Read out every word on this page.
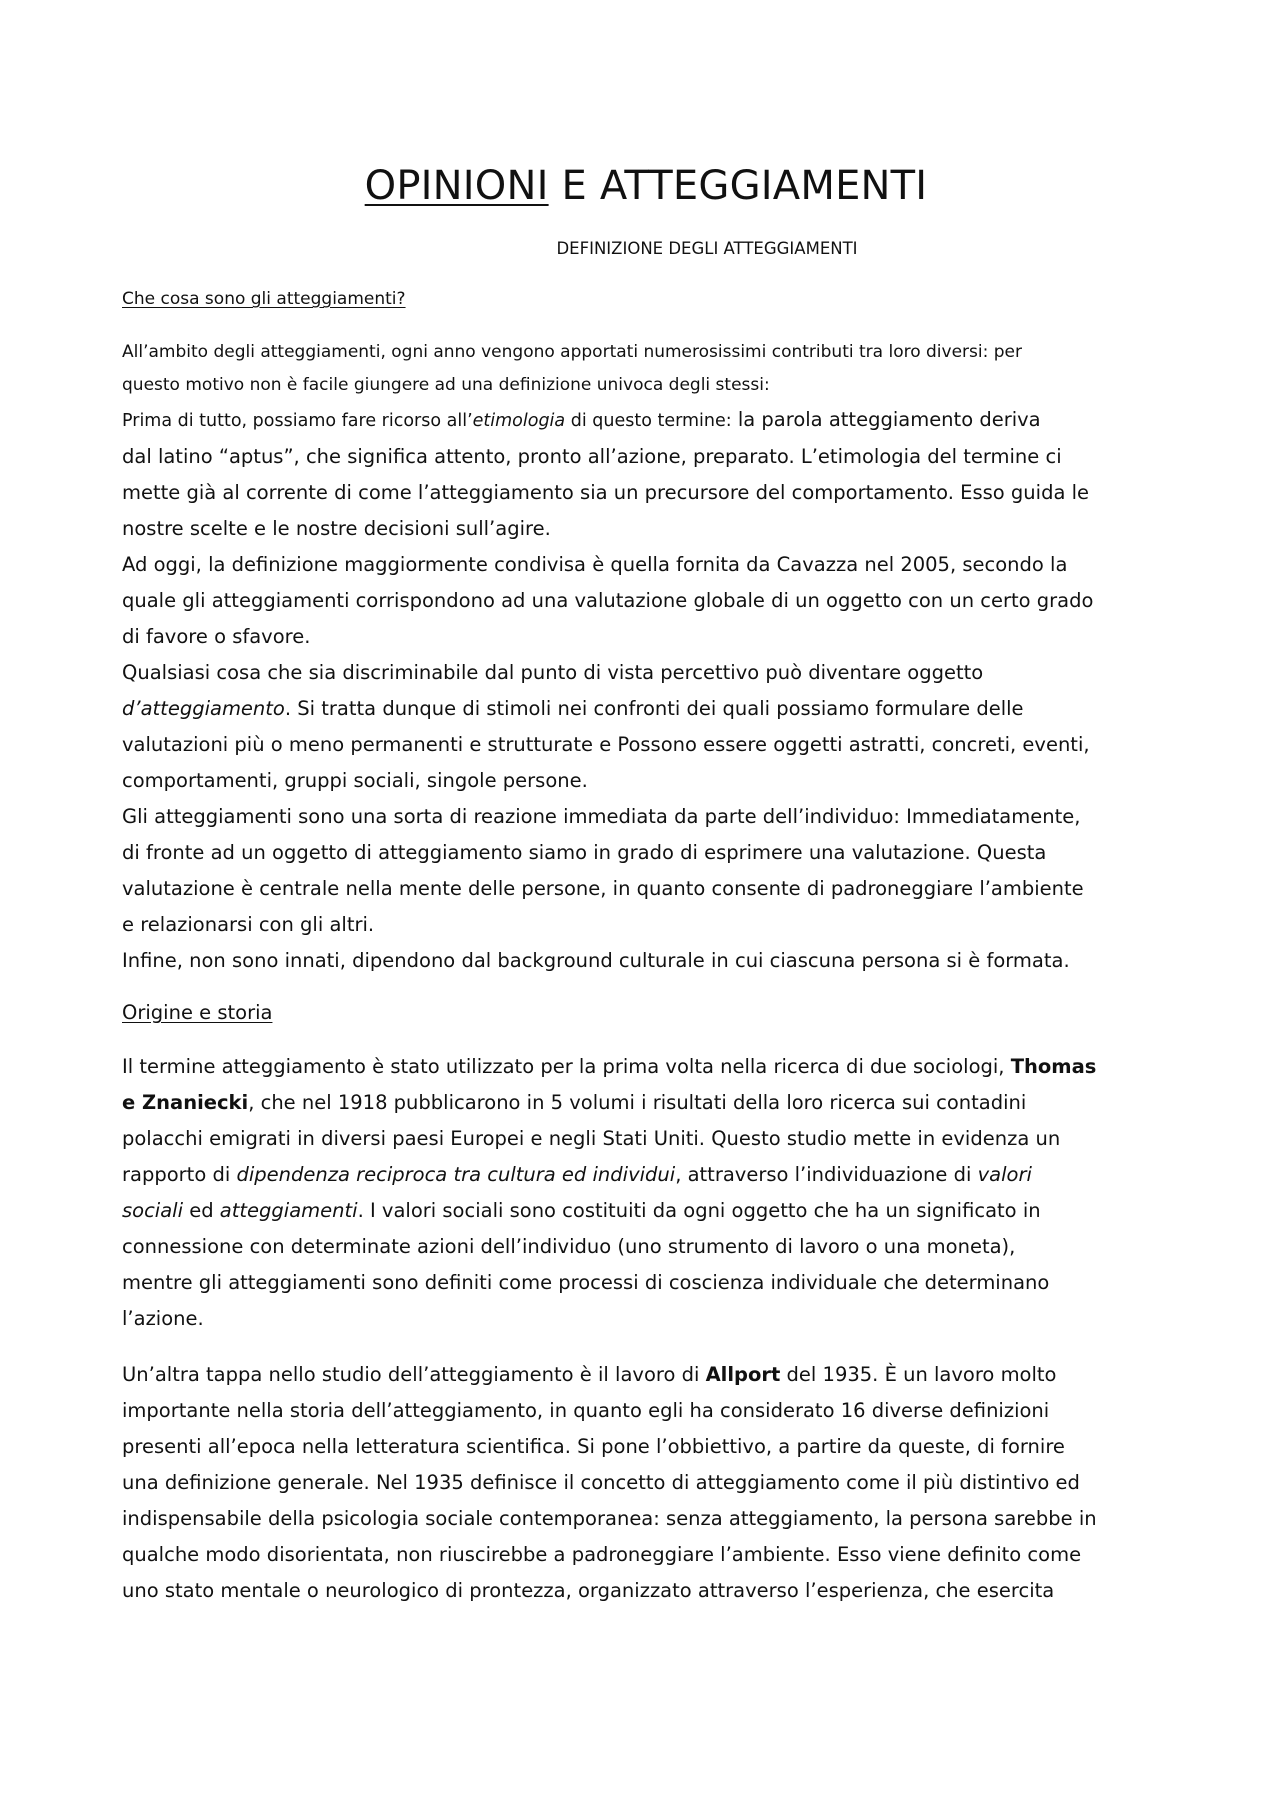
OPINIONI E ATTEGGIAMENTI

DEFINIZIONE DEGLI ATTEGGIAMENTI

Che cosa sono gli atteggiamenti?

All’ambito degli atteggiamenti, ogni anno vengono apportati numerosissimi contributi tra loro diversi: per
questo motivo non è facile giungere ad una definizione univoca degli stessi:

Prima di tutto, possiamo fare ricorso all’etimologia di questo termine: la parola atteggiamento deriva
dal latino “aptus”, che significa attento, pronto all’azione, preparato. L’etimologia del termine ci
mette già al corrente di come l’atteggiamento sia un precursore del comportamento. Esso guida le
nostre scelte e le nostre decisioni sull’agire.

Ad oggi, la definizione maggiormente condivisa è quella fornita da Cavazza nel 2005, secondo la
quale gli atteggiamenti corrispondono ad una valutazione globale di un oggetto con un certo grado
di favore o sfavore.

Qualsiasi cosa che sia discriminabile dal punto di vista percettivo può diventare oggetto
d’atteggiamento. Si tratta dunque di stimoli nei confronti dei quali possiamo formulare delle
valutazioni più o meno permanenti e strutturate e Possono essere oggetti astratti, concreti, eventi,
comportamenti, gruppi sociali, singole persone.

Gli atteggiamenti sono una sorta di reazione immediata da parte dell’individuo: Immediatamente,
di fronte ad un oggetto di atteggiamento siamo in grado di esprimere una valutazione. Questa
valutazione è centrale nella mente delle persone, in quanto consente di padroneggiare l’ambiente
e relazionarsi con gli altri.
Infine, non sono innati, dipendono dal background culturale in cui ciascuna persona si è formata.

Origine e storia

Il termine atteggiamento è stato utilizzato per la prima volta nella ricerca di due sociologi, Thomas
e Znaniecki, che nel 1918 pubblicarono in 5 volumi i risultati della loro ricerca sui contadini
polacchi emigrati in diversi paesi Europei e negli Stati Uniti. Questo studio mette in evidenza un
rapporto di dipendenza reciproca tra cultura ed individui, attraverso l’individuazione di valori
sociali ed atteggiamenti. I valori sociali sono costituiti da ogni oggetto che ha un significato in
connessione con determinate azioni dell’individuo (uno strumento di lavoro o una moneta),
mentre gli atteggiamenti sono definiti come processi di coscienza individuale che determinano
l’azione.

Un’altra tappa nello studio dell’atteggiamento è il lavoro di Allport del 1935. È un lavoro molto
importante nella storia dell’atteggiamento, in quanto egli ha considerato 16 diverse definizioni
presenti all’epoca nella letteratura scientifica. Si pone l’obbiettivo, a partire da queste, di fornire
una definizione generale. Nel 1935 definisce il concetto di atteggiamento come il più distintivo ed
indispensabile della psicologia sociale contemporanea: senza atteggiamento, la persona sarebbe in
qualche modo disorientata, non riuscirebbe a padroneggiare l’ambiente. Esso viene definito come
uno stato mentale o neurologico di prontezza, organizzato attraverso l’esperienza, che esercita
